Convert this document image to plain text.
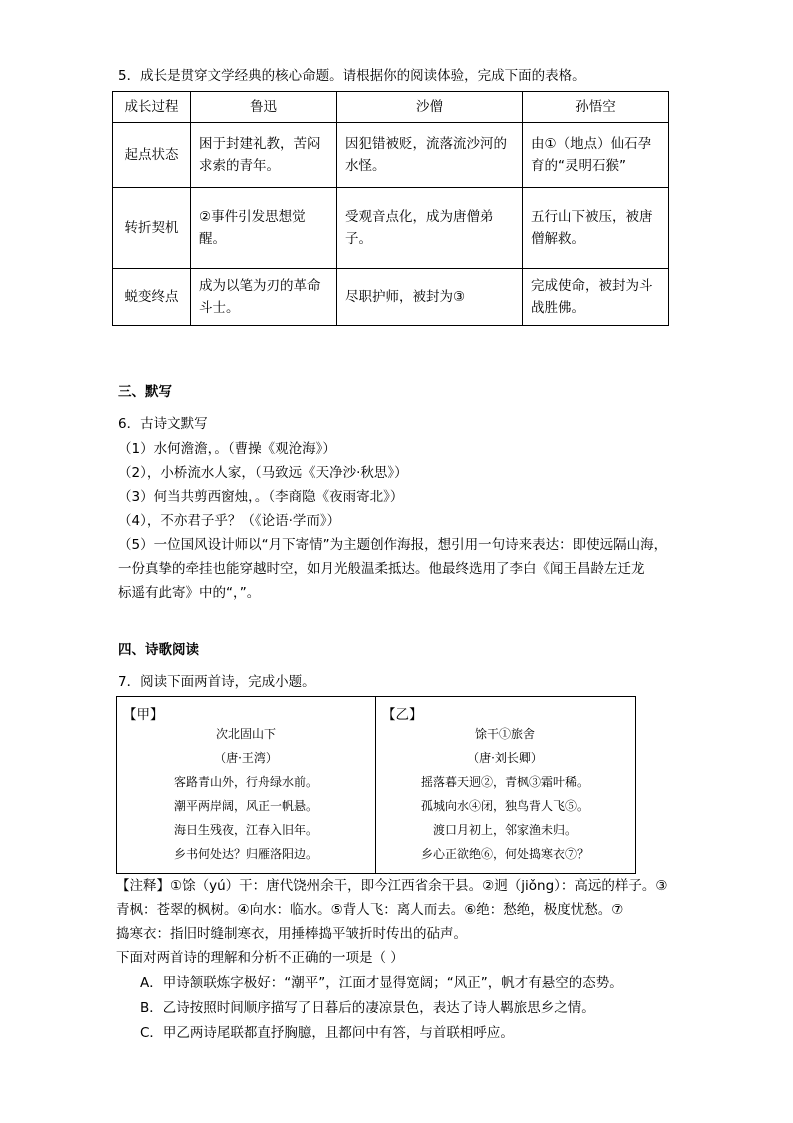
5．成长是贯穿文学经典的核心命题。请根据你的阅读体验，完成下面的表格。
成长过程	鲁迅	沙僧	孙悟空
起点状态	困于封建礼教，苦闷求索的青年。	因犯错被贬，流落流沙河的水怪。	由①（地点）仙石孕育的“灵明石猴”
转折契机	②事件引发思想觉醒。	受观音点化，成为唐僧弟子。	五行山下被压，被唐僧解救。
蜕变终点	成为以笔为刃的革命斗士。	尽职护师，被封为③	完成使命，被封为斗战胜佛。
三、默写
6．古诗文默写
（1）水何澹澹，。（曹操《观沧海》）
（2），小桥流水人家，（马致远《天净沙·秋思》）
（3）何当共剪西窗烛，。（李商隐《夜雨寄北》）
（4），不亦君子乎？（《论语·学而》）
（5）一位国风设计师以“月下寄情”为主题创作海报，想引用一句诗来表达：即使远隔山海，
一份真挚的牵挂也能穿越时空，如月光般温柔抵达。他最终选用了李白《闻王昌龄左迁龙
标遥有此寄》中的“，”。
四、诗歌阅读
7．阅读下面两首诗，完成小题。
【甲】
次北固山下
（唐·王湾）
客路青山外，行舟绿水前。
潮平两岸阔，风正一帆悬。
海日生残夜，江春入旧年。
乡书何处达？归雁洛阳边。
【乙】
馀干①旅舍
（唐·刘长卿）
摇落暮天迥②，青枫③霜叶稀。
孤城向水④闭，独鸟背人飞⑤。
渡口月初上，邻家渔未归。
乡心正欲绝⑥，何处捣寒衣⑦？
【注释】①馀（yú）干：唐代饶州余干，即今江西省余干县。②迥（jiǒng）：高远的样子。③
青枫：苍翠的枫树。④向水：临水。⑤背人飞：离人而去。⑥绝：愁绝，极度忧愁。⑦
捣寒衣：指旧时缝制寒衣，用捶棒捣平皱折时传出的砧声。
下面对两首诗的理解和分析不正确的一项是（ ）
A．甲诗颔联炼字极好：“潮平”，江面才显得宽阔；“风正”，帆才有悬空的态势。
B．乙诗按照时间顺序描写了日暮后的凄凉景色，表达了诗人羁旅思乡之情。
C．甲乙两诗尾联都直抒胸臆，且都问中有答，与首联相呼应。
